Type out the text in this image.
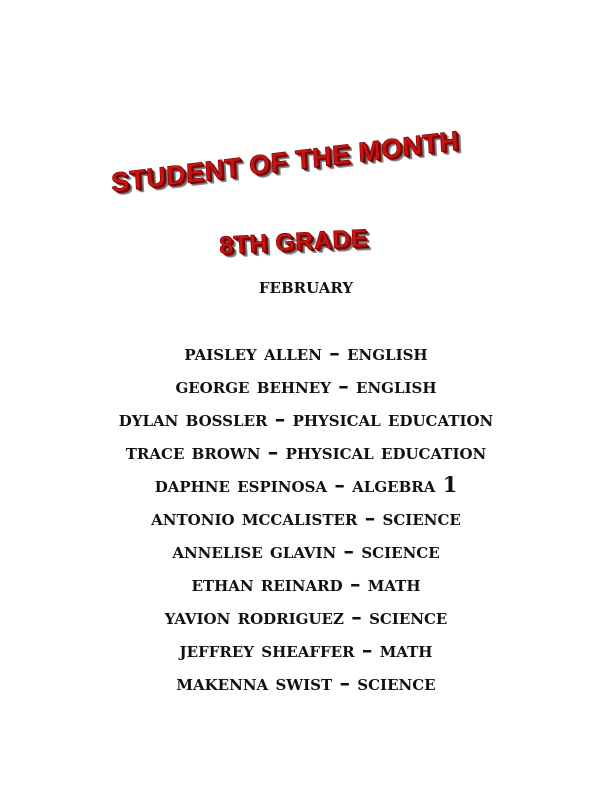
STUDENT OF THE MONTH
8TH GRADE
february
paisley allen – english
george behney – english
dylan bossler – physical education
trace brown – physical education
daphne espinosa – algebra 1
antonio mccalister – science
annelise glavin – science
ethan reinard – math
yavion rodriguez – science
jeffrey sheaffer – math
makenna swist – science
